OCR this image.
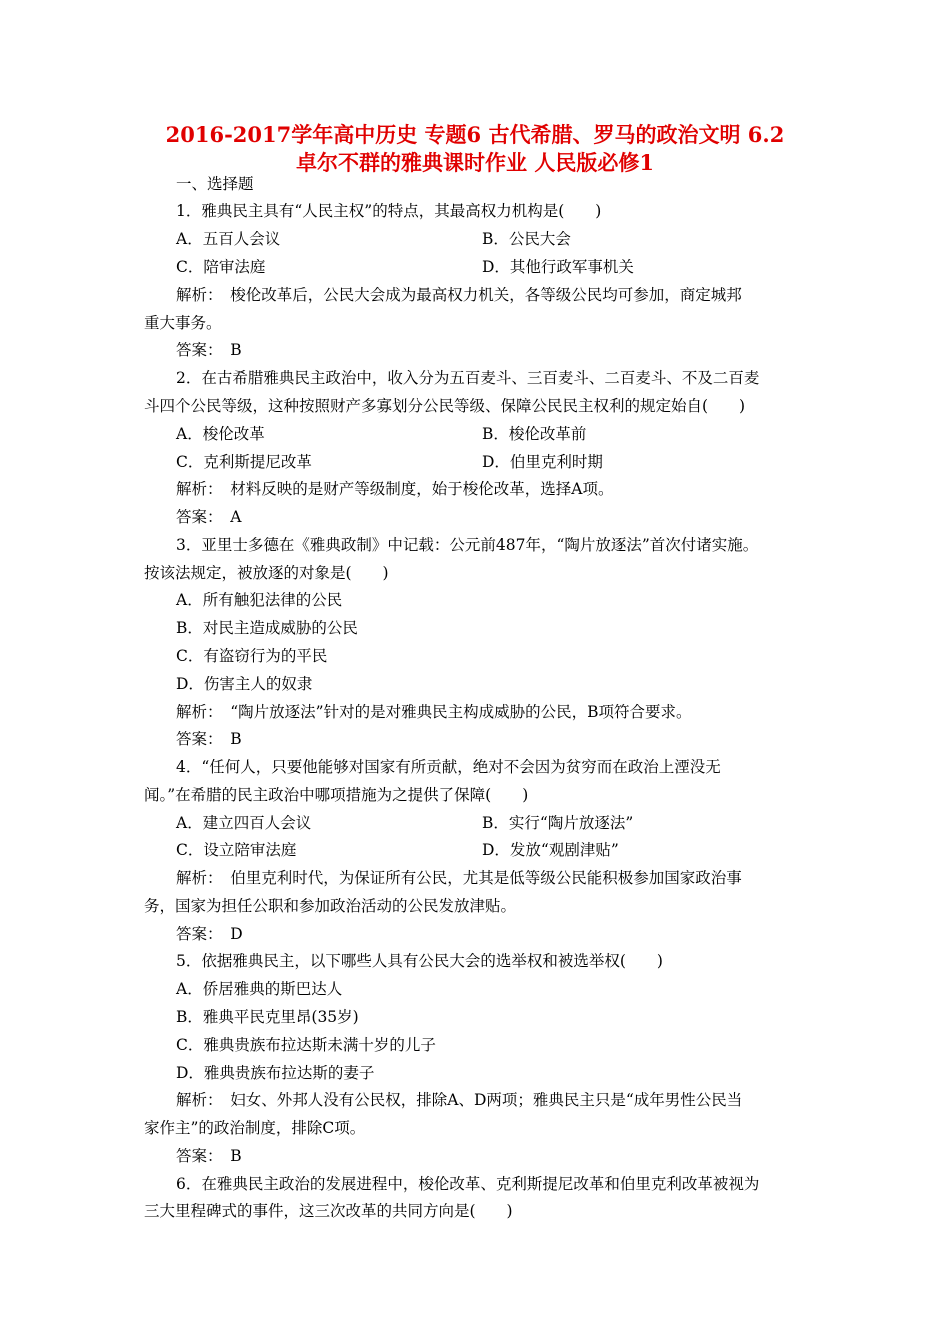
2016-2017学年高中历史 专题6 古代希腊、罗马的政治文明 6.2
卓尔不群的雅典课时作业 人民版必修1
一、选择题
1．雅典民主具有“人民主权”的特点，其最高权力机构是(　　)
A．五百人会议	B．公民大会
C．陪审法庭	D．其他行政军事机关
解析：　梭伦改革后，公民大会成为最高权力机关，各等级公民均可参加，商定城邦
重大事务。
答案：　B
2．在古希腊雅典民主政治中，收入分为五百麦斗、三百麦斗、二百麦斗、不及二百麦
斗四个公民等级，这种按照财产多寡划分公民等级、保障公民民主权利的规定始自(　　)
A．梭伦改革	B．梭伦改革前
C．克利斯提尼改革	D．伯里克利时期
解析：　材料反映的是财产等级制度，始于梭伦改革，选择A项。
答案：　A
3．亚里士多德在《雅典政制》中记载：公元前487年，“陶片放逐法”首次付诸实施。
按该法规定，被放逐的对象是(　　)
A．所有触犯法律的公民
B．对民主造成威胁的公民
C．有盗窃行为的平民
D．伤害主人的奴隶
解析：　“陶片放逐法”针对的是对雅典民主构成威胁的公民，B项符合要求。
答案：　B
4．“任何人，只要他能够对国家有所贡献，绝对不会因为贫穷而在政治上湮没无
闻。”在希腊的民主政治中哪项措施为之提供了保障(　　)
A．建立四百人会议	B．实行“陶片放逐法”
C．设立陪审法庭	D．发放“观剧津贴”
解析：　伯里克利时代，为保证所有公民，尤其是低等级公民能积极参加国家政治事
务，国家为担任公职和参加政治活动的公民发放津贴。
答案：　D
5．依据雅典民主，以下哪些人具有公民大会的选举权和被选举权(　　)
A．侨居雅典的斯巴达人
B．雅典平民克里昂(35岁)
C．雅典贵族布拉达斯未满十岁的儿子
D．雅典贵族布拉达斯的妻子
解析：　妇女、外邦人没有公民权，排除A、D两项；雅典民主只是“成年男性公民当
家作主”的政治制度，排除C项。
答案：　B
6．在雅典民主政治的发展进程中，梭伦改革、克利斯提尼改革和伯里克利改革被视为
三大里程碑式的事件，这三次改革的共同方向是(　　)
